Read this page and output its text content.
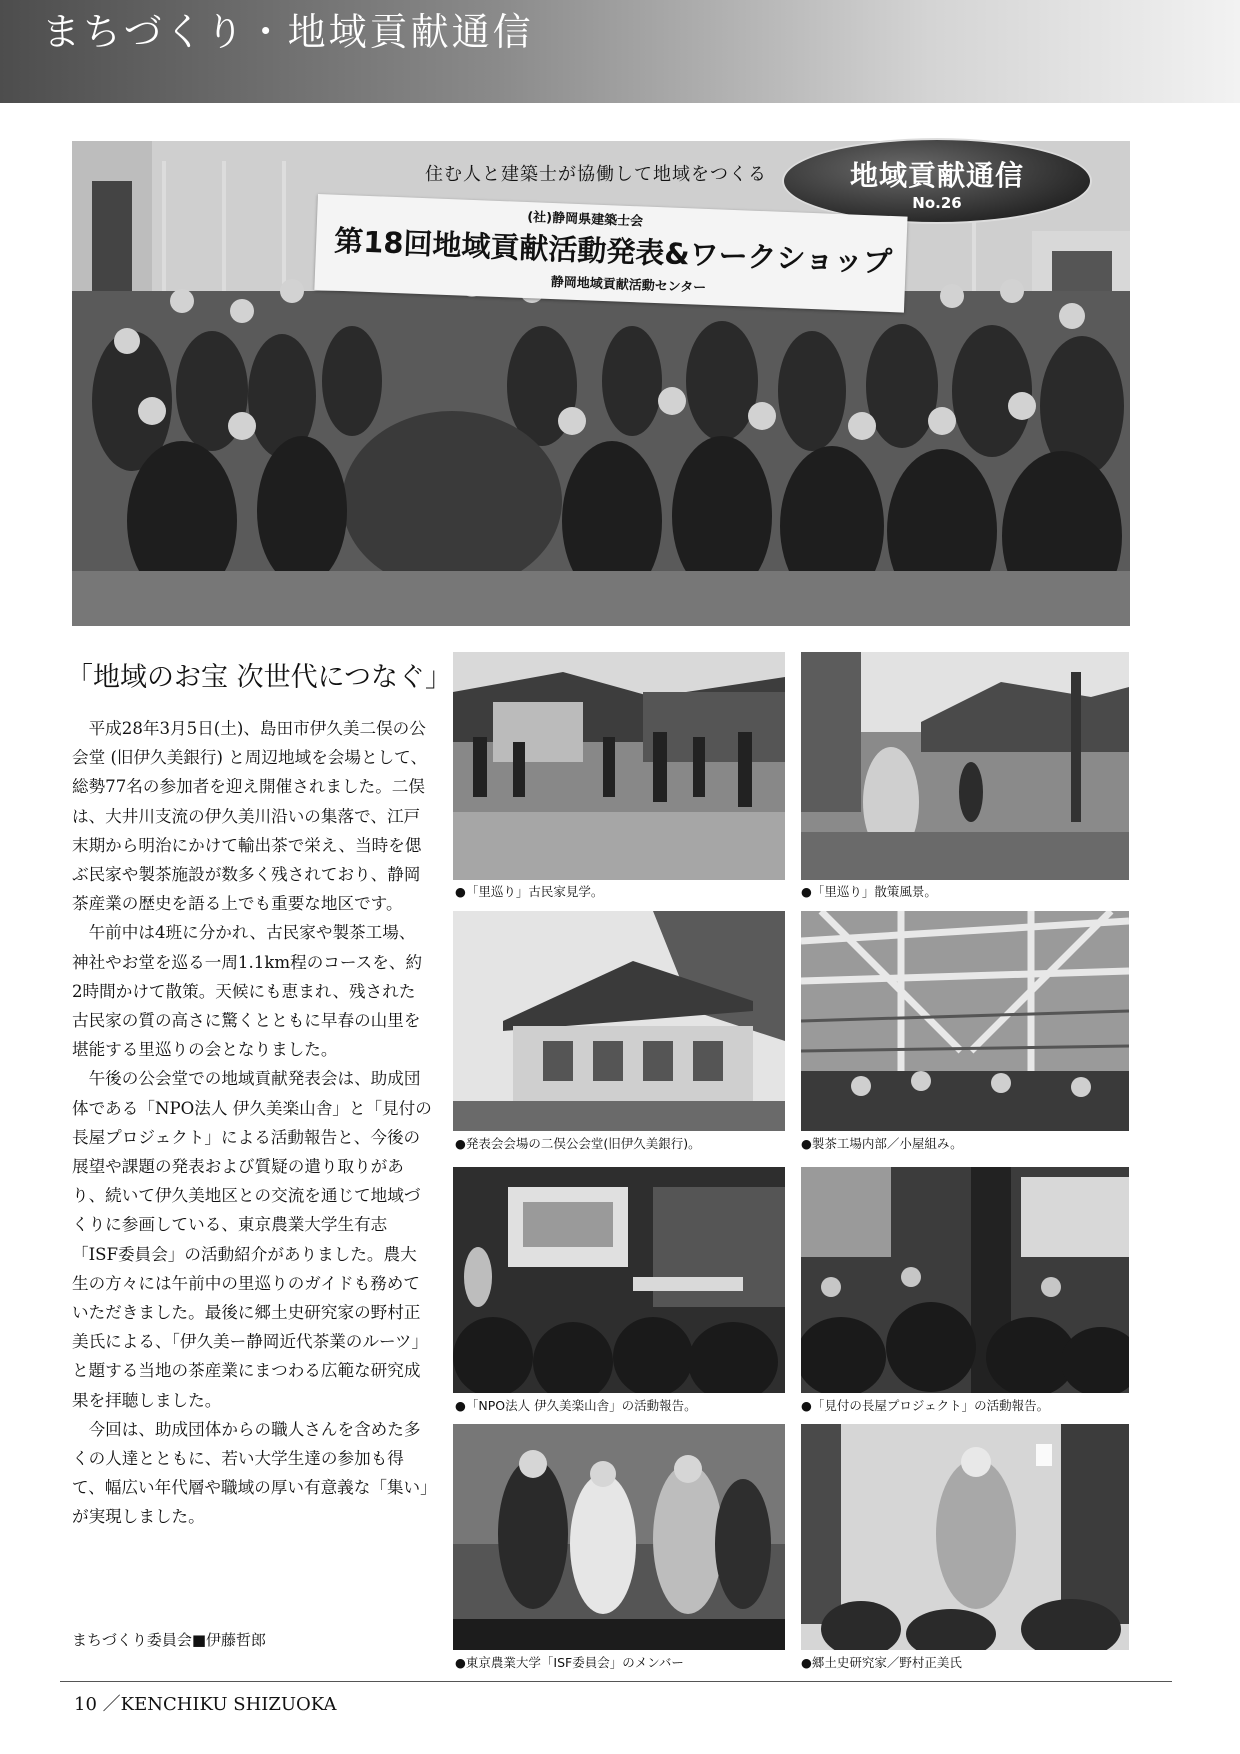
まちづくり・地域貢献通信
住む人と建築士が協働して地域をつくる	地域貢献通信
No.26
(社)静岡県建築士会
第18回地域貢献活動発表&ワークショップ
静岡地域貢献活動センター
「地域のお宝 次世代につなぐ」

平成28年3月5日(土)、島田市伊久美二俣の公会堂 (旧伊久美銀行) と周辺地域を会場として、総勢77名の参加者を迎え開催されました。二俣は、大井川支流の伊久美川沿いの集落で、江戸末期から明治にかけて輸出茶で栄え、当時を偲ぶ民家や製茶施設が数多く残されており、静岡茶産業の歴史を語る上でも重要な地区です。

午前中は4班に分かれ、古民家や製茶工場、神社やお堂を巡る一周1.1km程のコースを、約2時間かけて散策。天候にも恵まれ、残された古民家の質の高さに驚くとともに早春の山里を堪能する里巡りの会となりました。

午後の公会堂での地域貢献発表会は、助成団体である「NPO法人 伊久美楽山舎」と「見付の長屋プロジェクト」による活動報告と、今後の展望や課題の発表および質疑の遣り取りがあり、続いて伊久美地区との交流を通じて地域づくりに参画している、東京農業大学生有志「ISF委員会」の活動紹介がありました。農大生の方々には午前中の里巡りのガイドも務めていただきました。最後に郷土史研究家の野村正美氏による、「伊久美ー静岡近代茶業のルーツ」と題する当地の茶産業にまつわる広範な研究成果を拝聴しました。

今回は、助成団体からの職人さんを含めた多くの人達とともに、若い大学生達の参加も得て、幅広い年代層や職域の厚い有意義な「集い」が実現しました。

まちづくり委員会■伊藤哲郎
●「里巡り」古民家見学。	●「里巡り」散策風景。
●発表会会場の二俣公会堂(旧伊久美銀行)。	●製茶工場内部／小屋組み。
●「NPO法人 伊久美楽山舎」の活動報告。	●「見付の長屋プロジェクト」の活動報告。
●東京農業大学「ISF委員会」のメンバー	●郷土史研究家／野村正美氏
10 ／KENCHIKU SHIZUOKA
